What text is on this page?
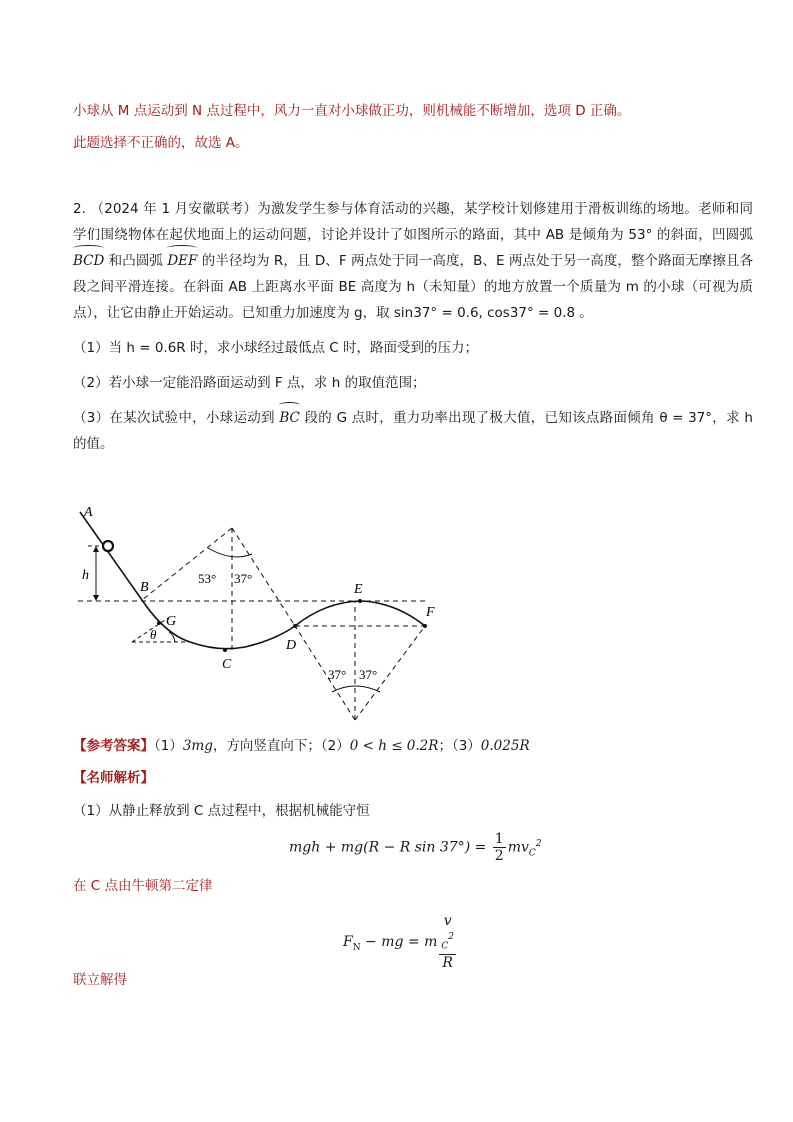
小球从 M 点运动到 N 点过程中，风力一直对小球做正功，则机械能不断增加，选项 D 正确。
此题选择不正确的，故选 A。

2. （2024 年 1 月安徽联考）为激发学生参与体育活动的兴趣，某学校计划修建用于滑板训练的场地。老师和同学们围绕物体在起伏地面上的运动问题，讨论并设计了如图所示的路面，其中 AB 是倾角为 53° 的斜面，凹圆弧 BCD 和凸圆弧 DEF 的半径均为 R，且 D、F 两点处于同一高度，B、E 两点处于另一高度，整个路面无摩擦且各段之间平滑连接。在斜面 AB 上距离水平面 BE 高度为 h（未知量）的地方放置一个质量为 m 的小球（可视为质点），让它由静止开始运动。已知重力加速度为 g，取 sin37° = 0.6, cos37° = 0.8 。

（1）当 h = 0.6R 时，求小球经过最低点 C 时，路面受到的压力；

（2）若小球一定能沿路面运动到 F 点，求 h 的取值范围；

（3）在某次试验中，小球运动到 BC 段的 G 点时，重力功率出现了极大值，已知该点路面倾角 θ = 37°，求 h 的值。

A
h
B
G
θ
C
D
E
F
53° 37°
37° 37°
【参考答案】（1）3mg，方向竖直向下；（2）0 < h ≤ 0.2R；（3）0.025R
【名师解析】
（1）从静止释放到 C 点过程中，根据机械能守恒
mgh + mg(R − R $\sin 37^\circ) = \frac{1}{2} mv_C^2$
在 C 点由牛顿第二定律
$F_N$ − mg = m v
$_C^2$
R
联立解得
